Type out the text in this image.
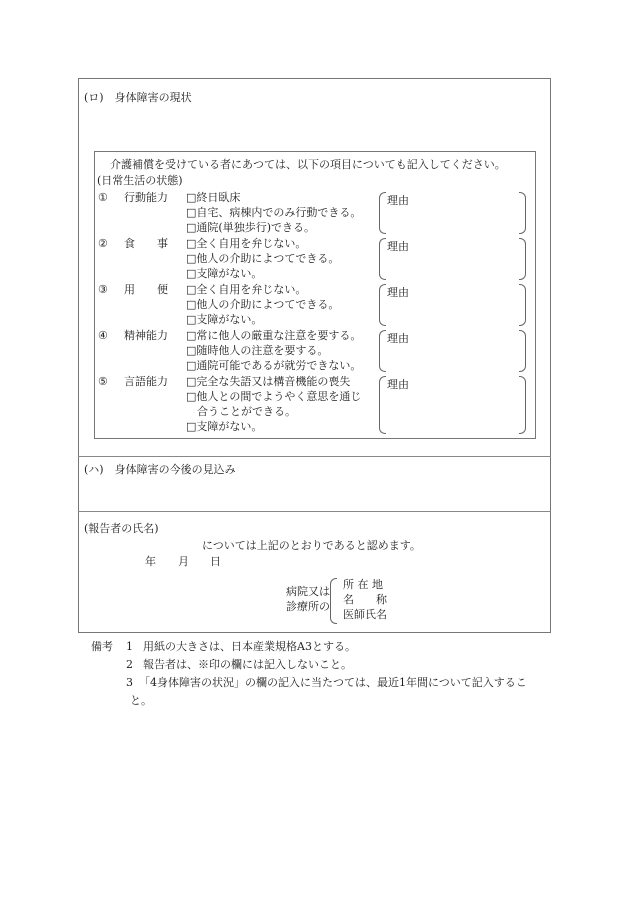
(ロ)　身体障害の現状
介護補償を受けている者にあつては、以下の項目についても記入してください。
(日常生活の状態)
① 行動能力 □	終日臥床
□ 自宅、病棟内でのみ行動できる。
□ 通院(単独歩行)できる。
理由
② 食　　事 □	全く自用を弁じない。
□ 他人の介助によつてできる。
□ 支障がない。
理由
③ 用　　便 □	全く自用を弁じない。
□ 他人の介助によつてできる。
□ 支障がない。
理由
④ 精神能力 □	常に他人の厳重な注意を要する。
□ 随時他人の注意を要する。
□ 通院可能であるが就労できない。
理由
⑤ 言語能力 □	完全な失語又は構音機能の喪失
□ 他人との間でようやく意思を通じ
合うことができる。
□ 支障がない。
理由
(ハ)　身体障害の今後の見込み
(報告者の氏名)
については上記のとおりであると認めます。
年 月 日
病院又は
診療所の
所 在 地
名　　称
医師氏名
備考 1 用紙の大きさは、日本産業規格A3とする。
2 報告者は、※印の欄には記入しないこと。
3 「4身体障害の状況」の欄の記入に当たつては、最近1年間について記入するこ
と。
